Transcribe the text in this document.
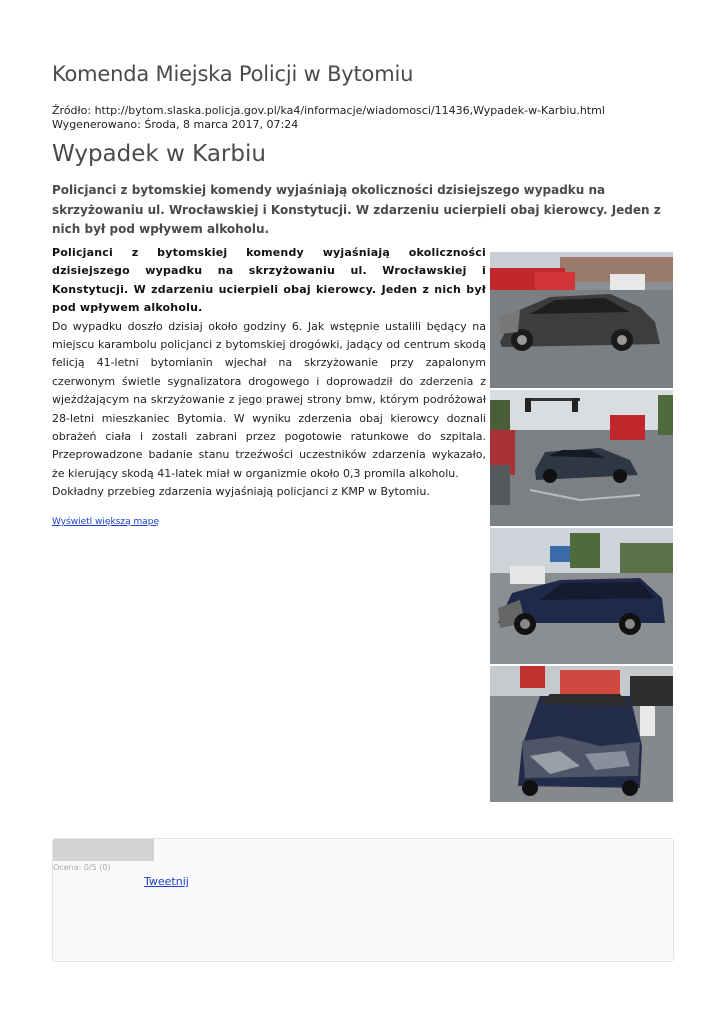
Komenda Miejska Policji w Bytomiu
Źródło: http://bytom.slaska.policja.gov.pl/ka4/informacje/wiadomosci/11436,Wypadek-w-Karbiu.html
Wygenerowano: Środa, 8 marca 2017, 07:24
Wypadek w Karbiu

Policjanci z bytomskiej komendy wyjaśniają okoliczności dzisiejszego wypadku na skrzyżowaniu ul. Wrocławskiej i Konstytucji. W zdarzeniu ucierpieli obaj kierowcy. Jeden z nich był pod wpływem alkoholu.

Policjanci z bytomskiej komendy wyjaśniają okoliczności dzisiejszego wypadku na skrzyżowaniu ul. Wrocławskiej i Konstytucji. W zdarzeniu ucierpieli obaj kierowcy. Jeden z nich był pod wpływem alkoholu.

Do wypadku doszło dzisiaj około godziny 6. Jak wstępnie ustalili będący na miejscu karambolu policjanci z bytomskiej drogówki, jadący od centrum skodą felicją 41-letni bytomianin wjechał na skrzyżowanie przy zapalonym czerwonym świetle sygnalizatora drogowego i doprowadził do zderzenia z wjeżdżającym na skrzyżowanie z jego prawej strony bmw, którym podróżował 28-letni mieszkaniec Bytomia. W wyniku zderzenia obaj kierowcy doznali obrażeń ciała i zostali zabrani przez pogotowie ratunkowe do szpitala. Przeprowadzone badanie stanu trzeźwości uczestników zdarzenia wykazało, że kierujący skodą 41-latek miał w organizmie około 0,3 promila alkoholu.

Dokładny przebieg zdarzenia wyjaśniają policjanci z KMP w Bytomiu.

Wyświetl większą mapę
Ocena: 0/5 (0)
Tweetnij
